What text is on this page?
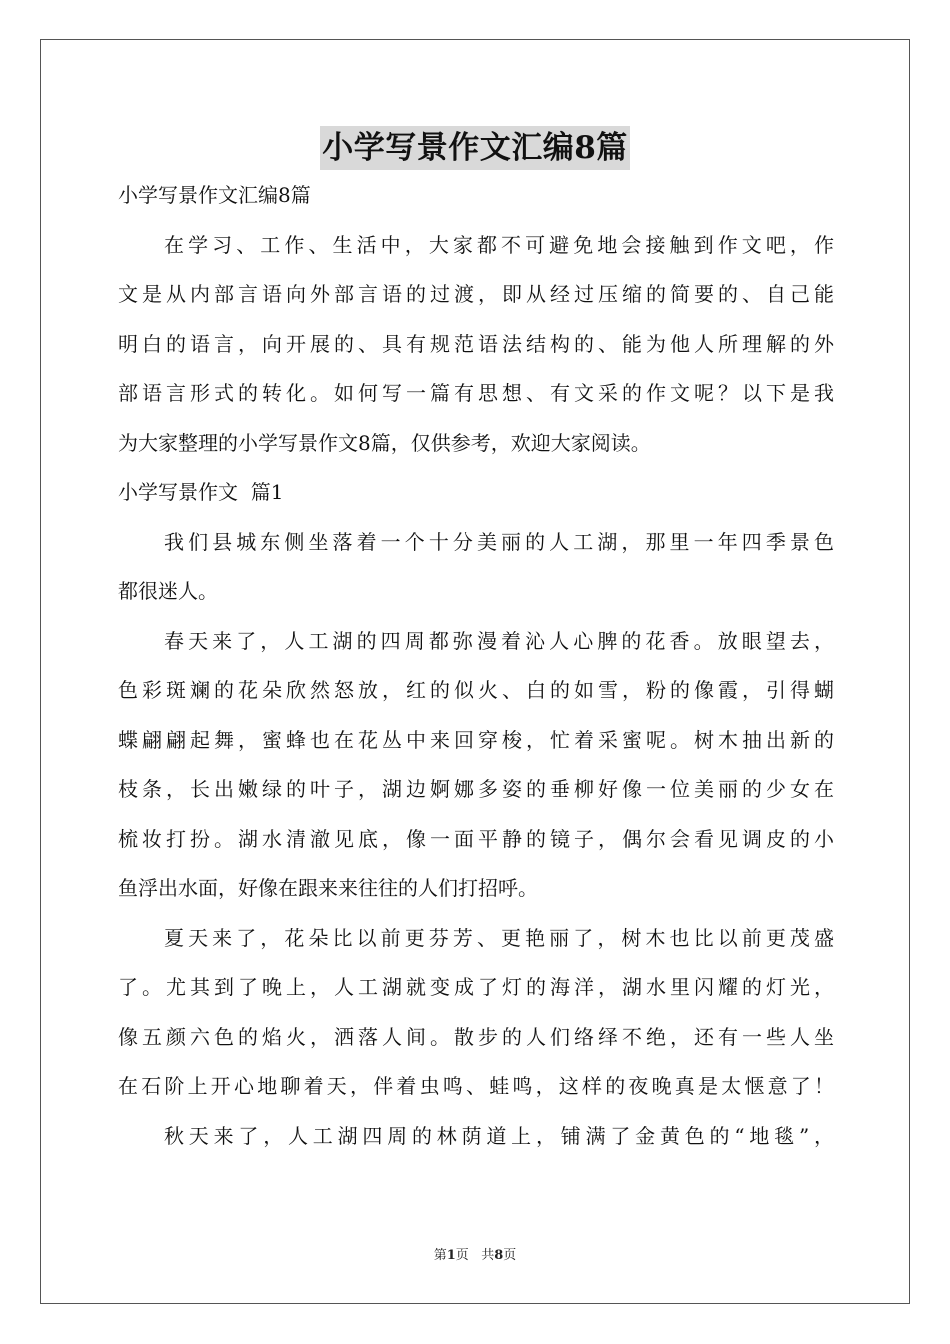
小学写景作文汇编8篇
小学写景作文汇编8篇
在学习、工作、生活中，大家都不可避免地会接触到作文吧，作
文是从内部言语向外部言语的过渡，即从经过压缩的简要的、自己能
明白的语言，向开展的、具有规范语法结构的、能为他人所理解的外
部语言形式的转化。如何写一篇有思想、有文采的作文呢？以下是我
为大家整理的小学写景作文8篇，仅供参考，欢迎大家阅读。
小学写景作文  篇1
我们县城东侧坐落着一个十分美丽的人工湖，那里一年四季景色
都很迷人。
春天来了，人工湖的四周都弥漫着沁人心脾的花香。放眼望去，
色彩斑斓的花朵欣然怒放，红的似火、白的如雪，粉的像霞，引得蝴
蝶翩翩起舞，蜜蜂也在花丛中来回穿梭，忙着采蜜呢。树木抽出新的
枝条，长出嫩绿的叶子，湖边婀娜多姿的垂柳好像一位美丽的少女在
梳妆打扮。湖水清澈见底，像一面平静的镜子，偶尔会看见调皮的小
鱼浮出水面，好像在跟来来往往的人们打招呼。
夏天来了，花朵比以前更芬芳、更艳丽了，树木也比以前更茂盛
了。尤其到了晚上，人工湖就变成了灯的海洋，湖水里闪耀的灯光，
像五颜六色的焰火，洒落人间。散步的人们络绎不绝，还有一些人坐
在石阶上开心地聊着天，伴着虫鸣、蛙鸣，这样的夜晚真是太惬意了！
秋天来了，人工湖四周的林荫道上，铺满了金黄色的“地毯”，
第1页   共8页
